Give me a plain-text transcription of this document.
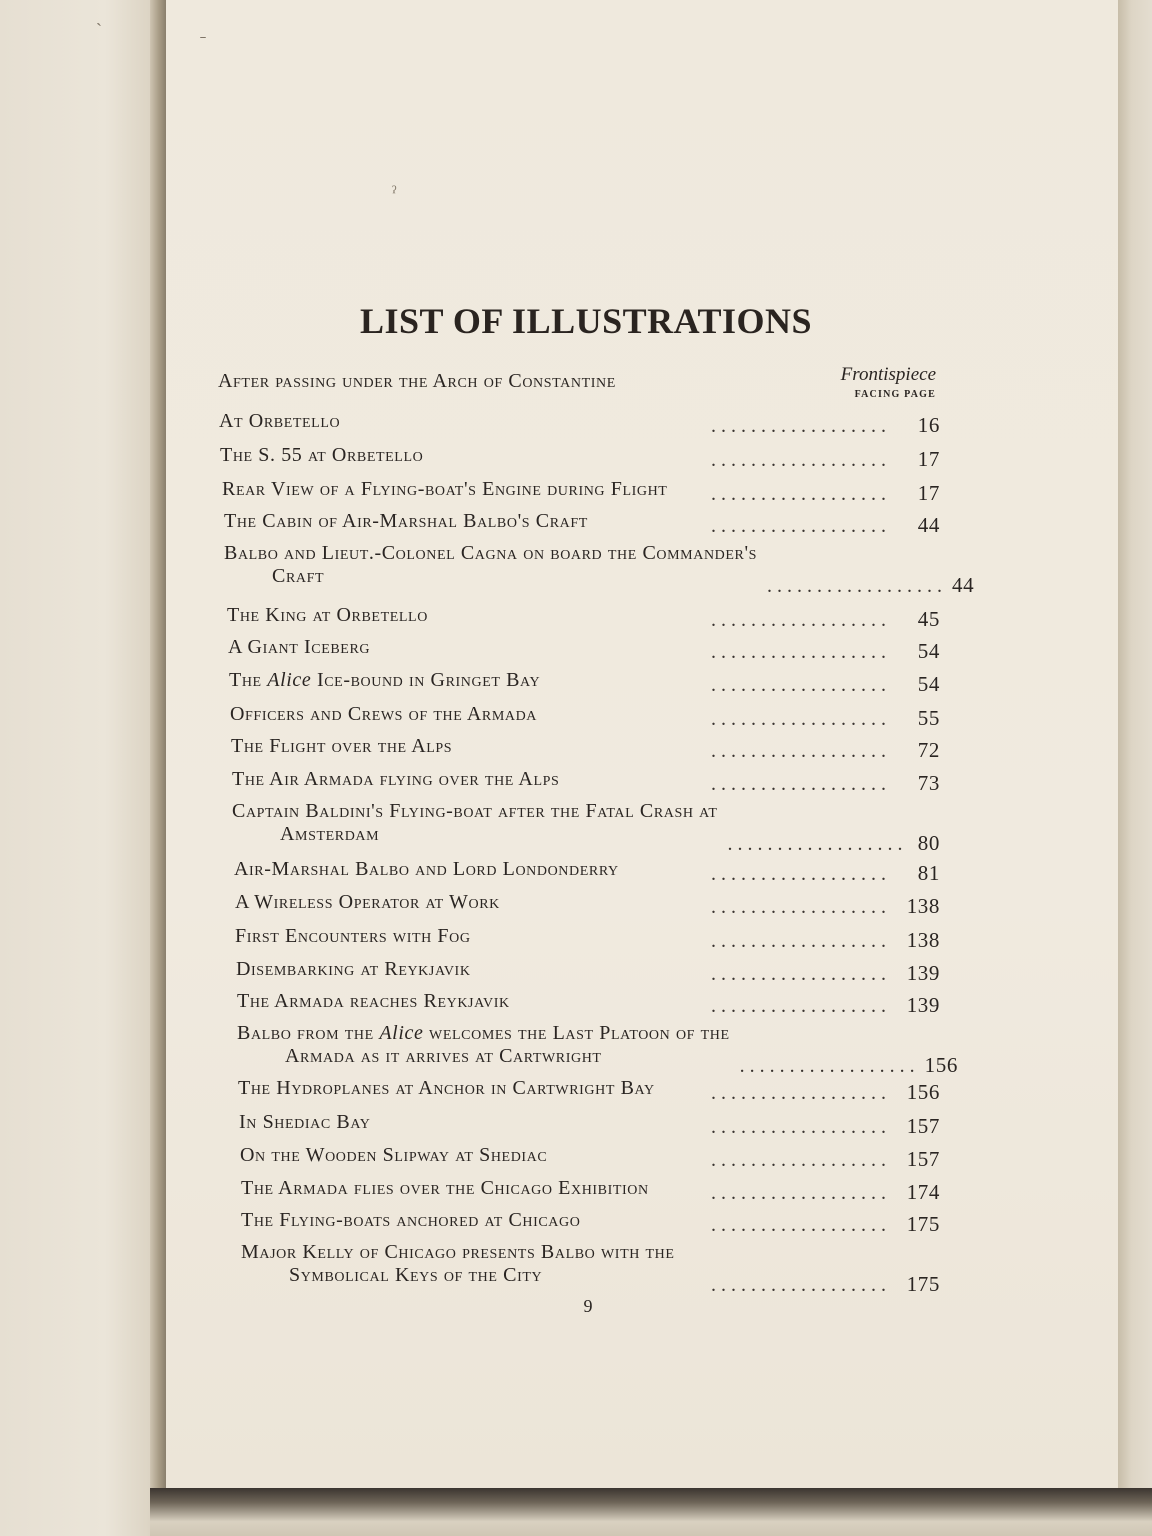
ˎ
ˉ
ˀ
LIST OF ILLUSTRATIONS
Frontispiece
FACING PAGE
After passing under the Arch of Constantine
At Orbetello	. . . . . . . . . . . . . . . . . .	16
The S. 55 at Orbetello	. . . . . . . . . . . . . . . . . .	17
Rear View of a Flying-boat's Engine during Flight	. . . . . . . . . . . . . . . . . .	17
The Cabin of Air-Marshal Balbo's Craft	. . . . . . . . . . . . . . . . . .	44
Balbo and Lieut.-Colonel Cagna on board the Commander's
Craft	. . . . . . . . . . . . . . . . . . 44
The King at Orbetello	. . . . . . . . . . . . . . . . . .	45
A Giant Iceberg	. . . . . . . . . . . . . . . . . .	54
The Alice Ice-bound in Gringet Bay	. . . . . . . . . . . . . . . . . .	54
Officers and Crews of the Armada	. . . . . . . . . . . . . . . . . .	55
The Flight over the Alps	. . . . . . . . . . . . . . . . . .	72
The Air Armada flying over the Alps	. . . . . . . . . . . . . . . . . .	73
Captain Baldini's Flying-boat after the Fatal Crash at
Amsterdam	. . . . . . . . . . . . . . . . . . 80
Air-Marshal Balbo and Lord Londonderry	. . . . . . . . . . . . . . . . . .	81
A Wireless Operator at Work	. . . . . . . . . . . . . . . . . . 138
First Encounters with Fog	. . . . . . . . . . . . . . . . . . 138
Disembarking at Reykjavik	. . . . . . . . . . . . . . . . . . 139
The Armada reaches Reykjavik	. . . . . . . . . . . . . . . . . . 139
Balbo from the Alice welcomes the Last Platoon of the
Armada as it arrives at Cartwright	. . . . . . . . . . . . . . . . . . 156
The Hydroplanes at Anchor in Cartwright Bay	. . . . . . . . . . . . . . . . . . 156
In Shediac Bay	. . . . . . . . . . . . . . . . . . 157
On the Wooden Slipway at Shediac	. . . . . . . . . . . . . . . . . . 157
The Armada flies over the Chicago Exhibition	. . . . . . . . . . . . . . . . . . 174
The Flying-boats anchored at Chicago	. . . . . . . . . . . . . . . . . . 175
Major Kelly of Chicago presents Balbo with the
Symbolical Keys of the City	. . . . . . . . . . . . . . . . . . 175
9
